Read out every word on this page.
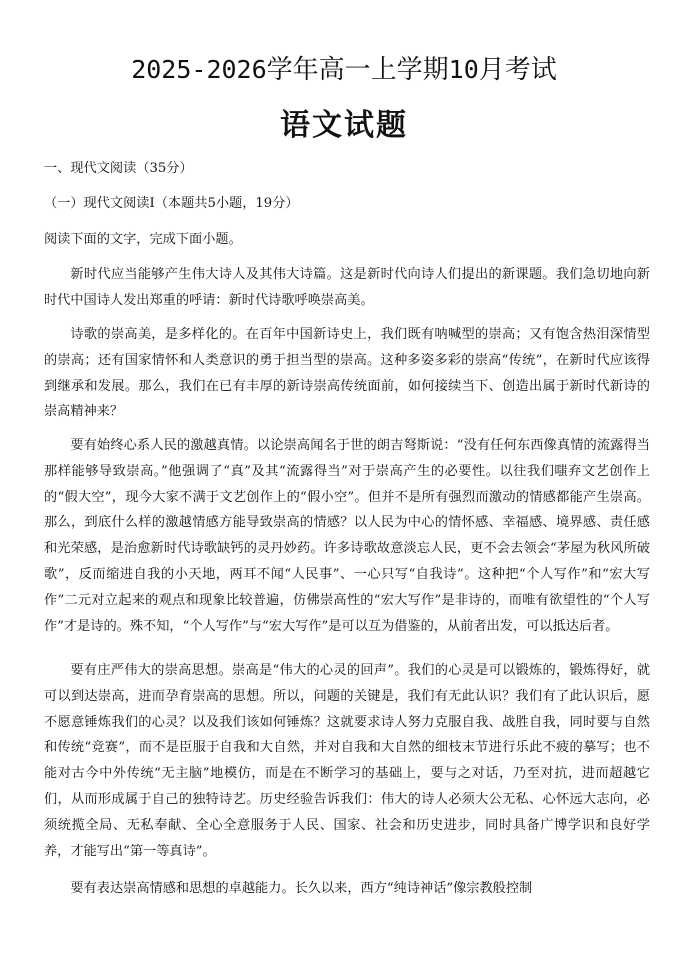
2025-2026学年高一上学期10月考试
语文试题
一、现代文阅读（35分）
（一）现代文阅读Ⅰ（本题共5小题，19分）
阅读下面的文字，完成下面小题。

新时代应当能够产生伟大诗人及其伟大诗篇。这是新时代向诗人们提出的新课题。我们急切地向新时代中国诗人发出郑重的呼请：新时代诗歌呼唤崇高美。

诗歌的崇高美，是多样化的。在百年中国新诗史上，我们既有呐喊型的崇高；又有饱含热泪深情型的崇高；还有国家情怀和人类意识的勇于担当型的崇高。这种多姿多彩的崇高“传统”，在新时代应该得到继承和发展。那么，我们在已有丰厚的新诗崇高传统面前，如何接续当下、创造出属于新时代新诗的崇高精神来？

要有始终心系人民的激越真情。以论崇高闻名于世的朗吉弩斯说：“没有任何东西像真情的流露得当那样能够导致崇高。”他强调了“真”及其“流露得当”对于崇高产生的必要性。以往我们嗤弃文艺创作上的“假大空”，现今大家不满于文艺创作上的“假小空”。但并不是所有强烈而激动的情感都能产生崇高。那么，到底什么样的激越情感方能导致崇高的情感？以人民为中心的情怀感、幸福感、境界感、责任感和光荣感，是治愈新时代诗歌缺钙的灵丹妙药。许多诗歌故意淡忘人民，更不会去领会“茅屋为秋风所破歌”，反而缩进自我的小天地，两耳不闻“人民事”、一心只写“自我诗”。这种把“个人写作”和“宏大写作”二元对立起来的观点和现象比较普遍，仿佛崇高性的“宏大写作”是非诗的，而唯有欲望性的“个人写作”才是诗的。殊不知，“个人写作”与“宏大写作”是可以互为借鉴的，从前者出发，可以抵达后者。

要有庄严伟大的崇高思想。崇高是“伟大的心灵的回声”。我们的心灵是可以锻炼的，锻炼得好，就可以到达崇高，进而孕育崇高的思想。所以，问题的关键是，我们有无此认识？我们有了此认识后，愿不愿意锤炼我们的心灵？以及我们该如何锤炼？这就要求诗人努力克服自我、战胜自我，同时要与自然和传统“竞赛”，而不是臣服于自我和大自然，并对自我和大自然的细枝末节进行乐此不疲的摹写；也不能对古今中外传统“无主脑”地模仿，而是在不断学习的基础上，要与之对话，乃至对抗，进而超越它们，从而形成属于自己的独特诗艺。历史经验告诉我们：伟大的诗人必须大公无私、心怀远大志向，必须统揽全局、无私奉献、全心全意服务于人民、国家、社会和历史进步，同时具备广博学识和良好学养，才能写出“第一等真诗”。

要有表达崇高情感和思想的卓越能力。长久以来，西方“纯诗神话”像宗教般控制
